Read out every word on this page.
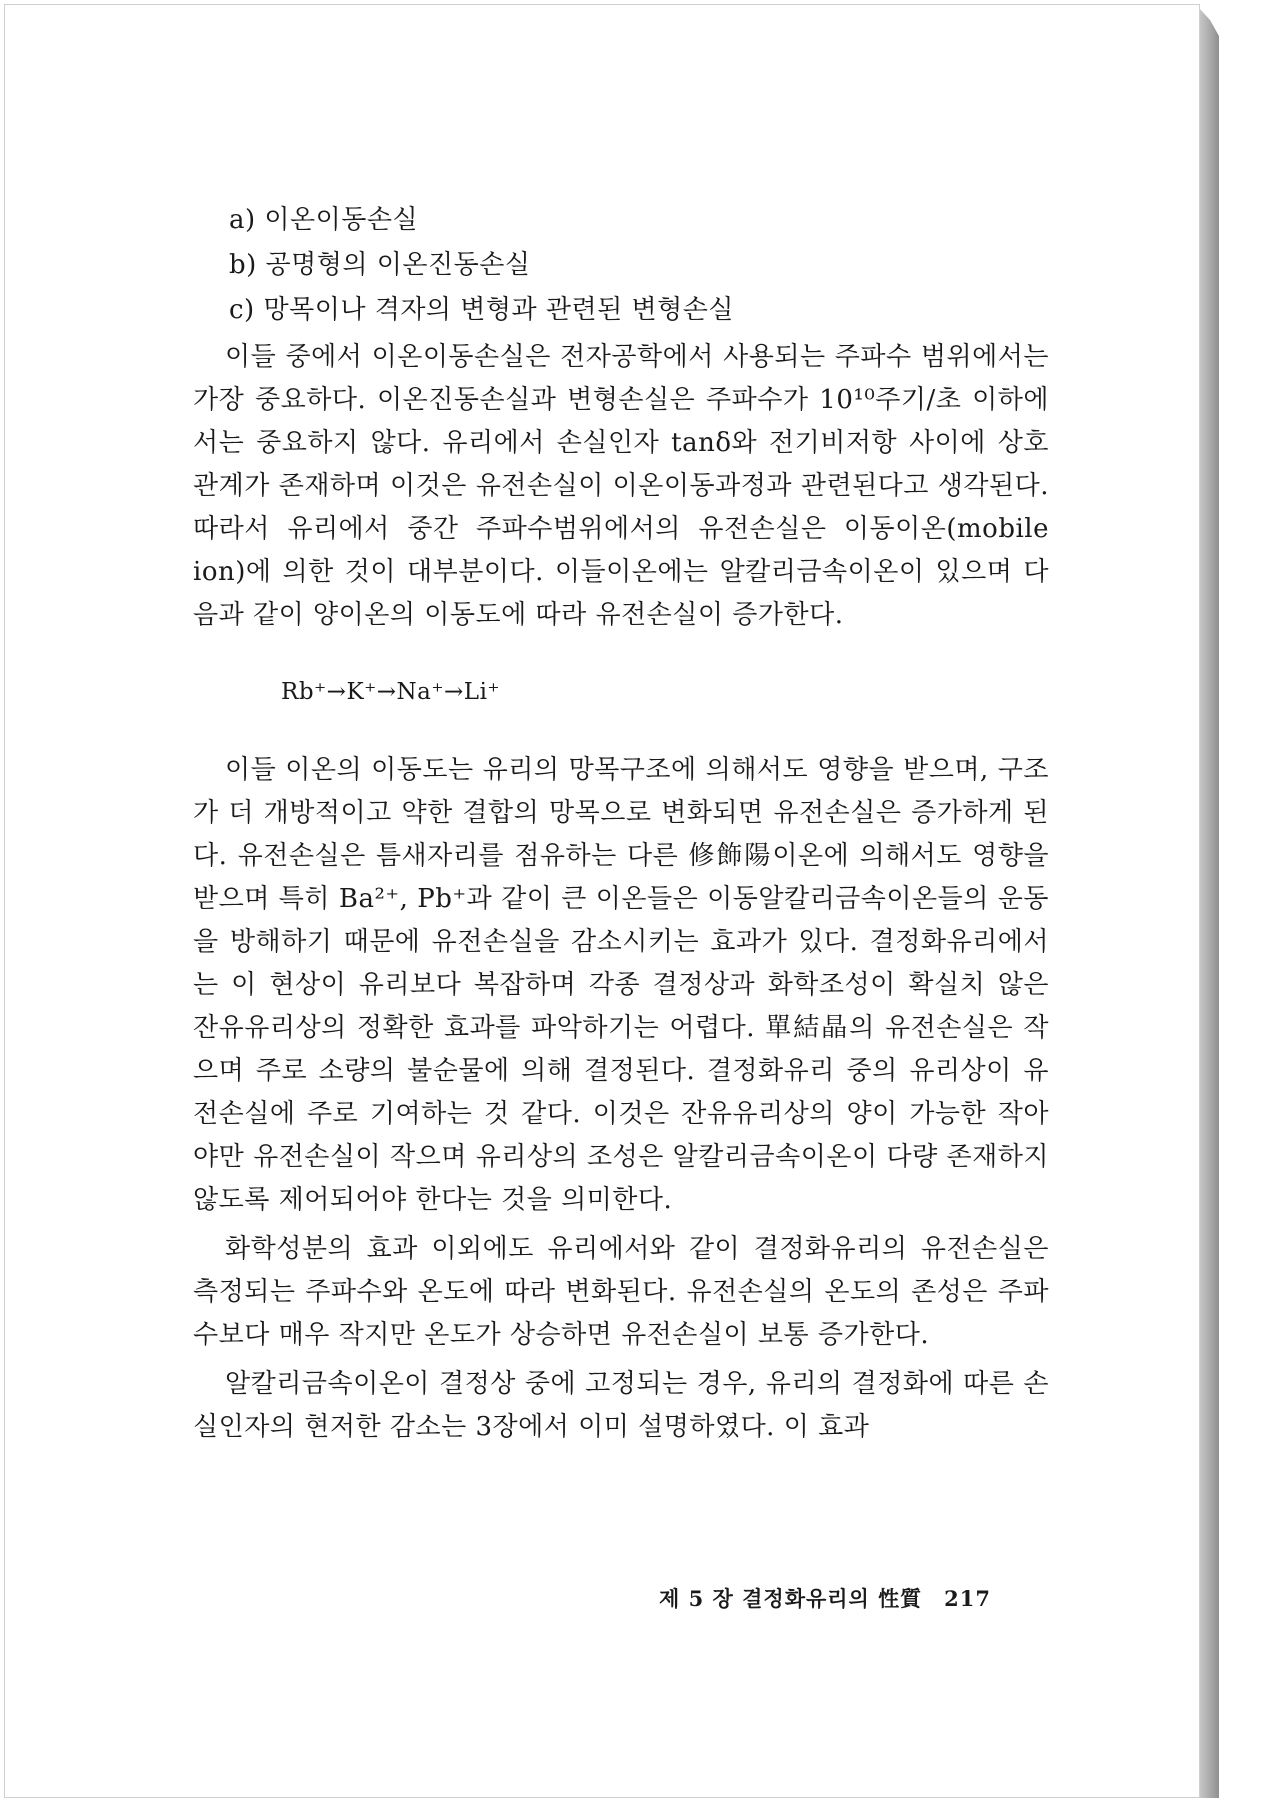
a) 이온이동손실
b) 공명형의 이온진동손실
c) 망목이나 격자의 변형과 관련된 변형손실

이들 중에서 이온이동손실은 전자공학에서 사용되는 주파수 범위에서는 가장 중요하다. 이온진동손실과 변형손실은 주파수가 10¹⁰주기/초 이하에서는 중요하지 않다. 유리에서 손실인자 tanδ와 전기비저항 사이에 상호관계가 존재하며 이것은 유전손실이 이온이동과정과 관련된다고 생각된다. 따라서 유리에서 중간 주파수범위에서의 유전손실은 이동이온(mobile ion)에 의한 것이 대부분이다. 이들이온에는 알칼리금속이온이 있으며 다음과 같이 양이온의 이동도에 따라 유전손실이 증가한다.

Rb⁺→K⁺→Na⁺→Li⁺

이들 이온의 이동도는 유리의 망목구조에 의해서도 영향을 받으며, 구조가 더 개방적이고 약한 결합의 망목으로 변화되면 유전손실은 증가하게 된다. 유전손실은 틈새자리를 점유하는 다른 修飾陽이온에 의해서도 영향을 받으며 특히 Ba²⁺, Pb⁺과 같이 큰 이온들은 이동알칼리금속이온들의 운동을 방해하기 때문에 유전손실을 감소시키는 효과가 있다. 결정화유리에서는 이 현상이 유리보다 복잡하며 각종 결정상과 화학조성이 확실치 않은 잔유유리상의 정확한 효과를 파악하기는 어렵다. 單結晶의 유전손실은 작으며 주로 소량의 불순물에 의해 결정된다. 결정화유리 중의 유리상이 유전손실에 주로 기여하는 것 같다. 이것은 잔유유리상의 양이 가능한 작아야만 유전손실이 작으며 유리상의 조성은 알칼리금속이온이 다량 존재하지 않도록 제어되어야 한다는 것을 의미한다.

화학성분의 효과 이외에도 유리에서와 같이 결정화유리의 유전손실은 측정되는 주파수와 온도에 따라 변화된다. 유전손실의 온도의 존성은 주파수보다 매우 작지만 온도가 상승하면 유전손실이 보통 증가한다.

알칼리금속이온이 결정상 중에 고정되는 경우, 유리의 결정화에 따른 손실인자의 현저한 감소는 3장에서 이미 설명하였다. 이 효과

제 5 장 결정화유리의 性質 217
